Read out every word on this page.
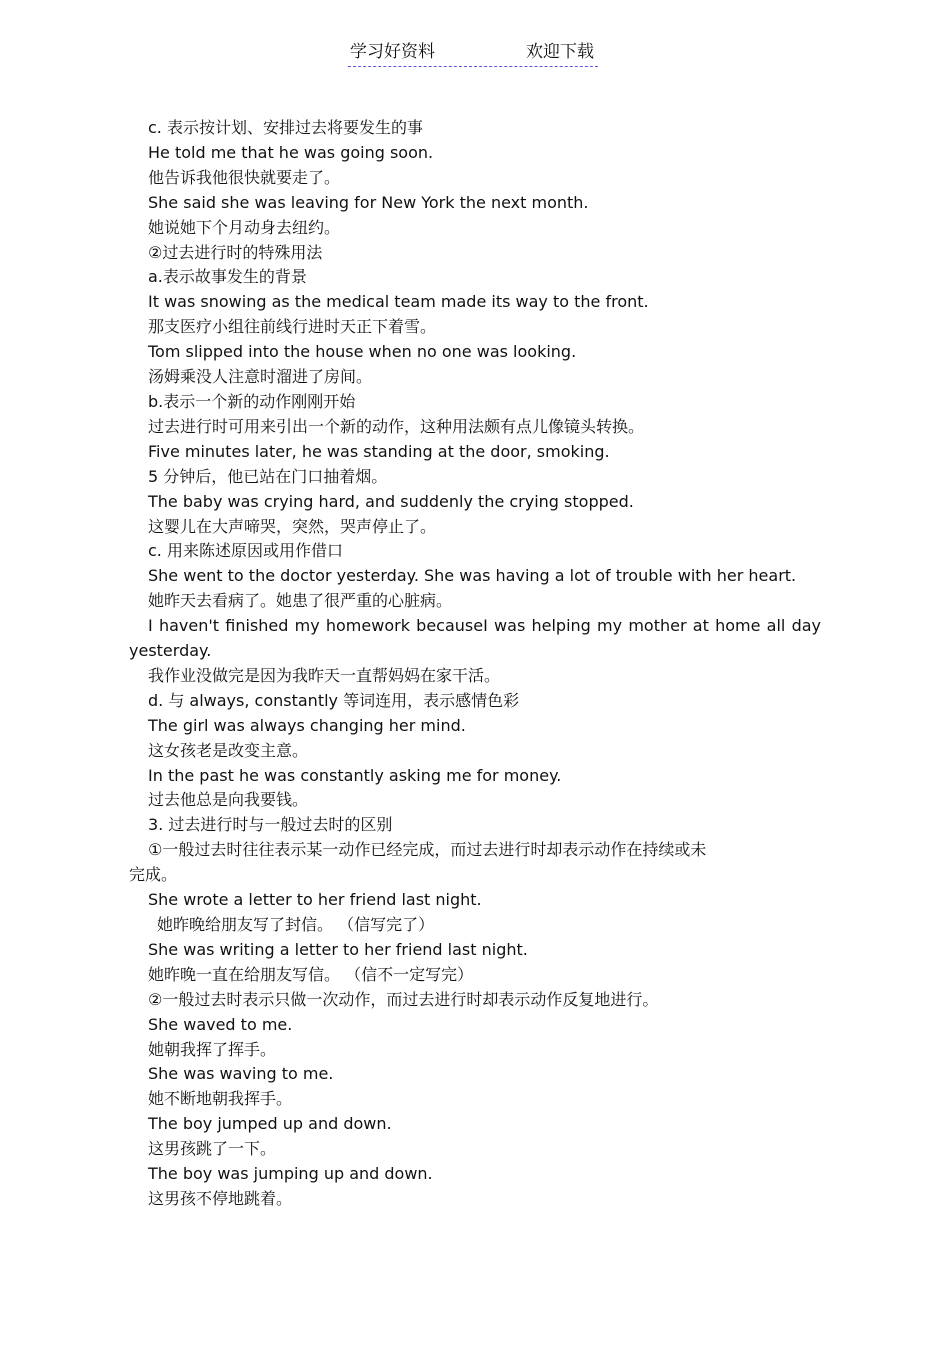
学习好资料	欢迎下载
c. 表示按计划、安排过去将要发生的事
He told me that he was going soon.
他告诉我他很快就要走了。
She said she was leaving for New York the next month.
她说她下个月动身去纽约。
②过去进行时的特殊用法
a.表示故事发生的背景
It was snowing as the medical team made its way to the front.
那支医疗小组往前线行进时天正下着雪。
Tom slipped into the house when no one was looking.
汤姆乘没人注意时溜进了房间。
b.表示一个新的动作刚刚开始
过去进行时可用来引出一个新的动作，这种用法颇有点儿像镜头转换。
Five minutes later, he was standing at the door, smoking.
5 分钟后，他已站在门口抽着烟。
The baby was crying hard, and suddenly the crying stopped.
这婴儿在大声啼哭，突然，哭声停止了。
c. 用来陈述原因或用作借口
She went to the doctor yesterday. She was having a lot of trouble with her heart.
她昨天去看病了。她患了很严重的心脏病。
I haven't finished my homework becauseI was helping my mother at home all day
yesterday.
我作业没做完是因为我昨天一直帮妈妈在家干活。
d. 与 always, constantly 等词连用，表示感情色彩
The girl was always changing her mind.
这女孩老是改变主意。
In the past he was constantly asking me for money.
过去他总是向我要钱。
3. 过去进行时与一般过去时的区别
①一般过去时往往表示某一动作已经完成，而过去进行时却表示动作在持续或未
完成。
She wrote a letter to her friend last night.
她昨晚给朋友写了封信。 （信写完了）
She was writing a letter to her friend last night.
她昨晚一直在给朋友写信。 （信不一定写完）
②一般过去时表示只做一次动作，而过去进行时却表示动作反复地进行。
She waved to me.
她朝我挥了挥手。
She was waving to me.
她不断地朝我挥手。
The boy jumped up and down.
这男孩跳了一下。
The boy was jumping up and down.
这男孩不停地跳着。
